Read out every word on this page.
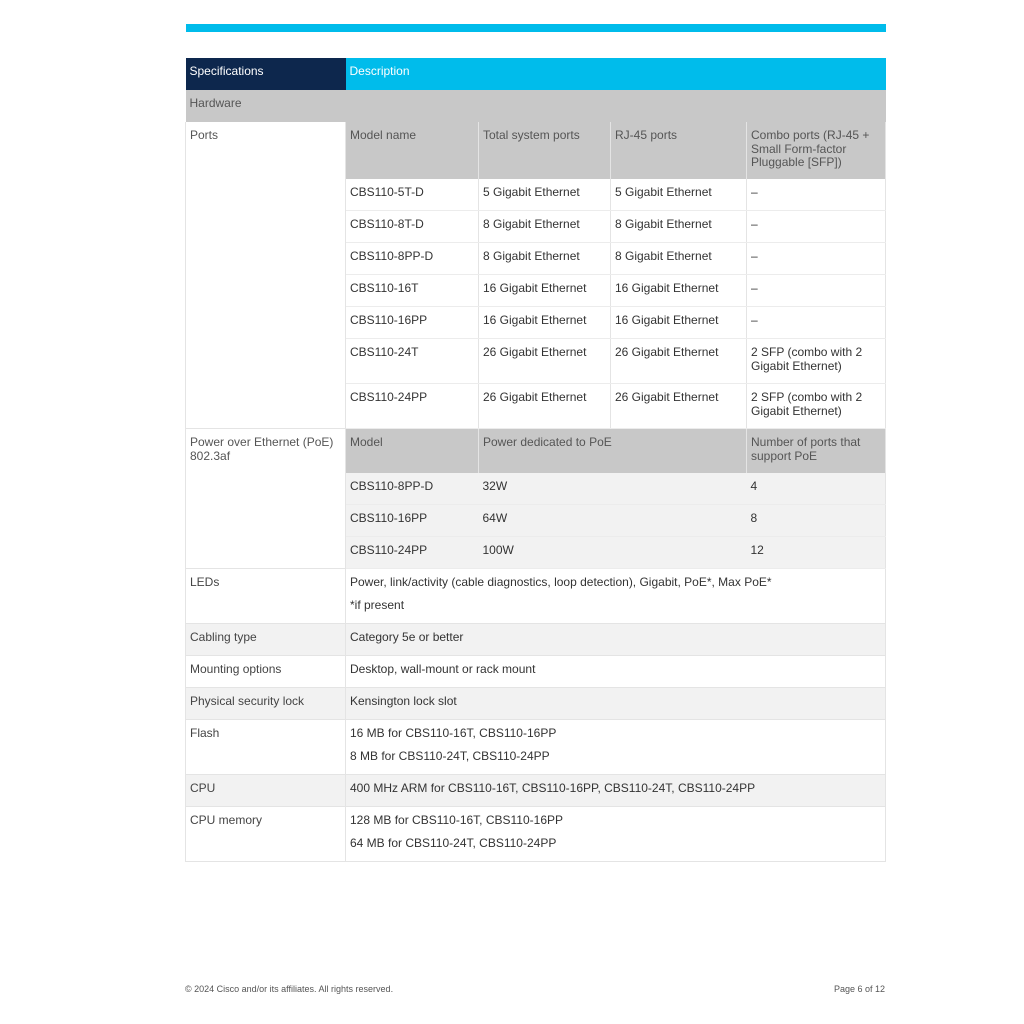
Specifications	Description			
Hardware				
Ports	Model name	Total system ports	RJ-45 ports	Combo ports (RJ-45 + Small Form-factor Pluggable [SFP])
	CBS110-5T-D	5 Gigabit Ethernet	5 Gigabit Ethernet	–
	CBS110-8T-D	8 Gigabit Ethernet	8 Gigabit Ethernet	–
	CBS110-8PP-D	8 Gigabit Ethernet	8 Gigabit Ethernet	–
	CBS110-16T	16 Gigabit Ethernet	16 Gigabit Ethernet	–
	CBS110-16PP	16 Gigabit Ethernet	16 Gigabit Ethernet	–
	CBS110-24T	26 Gigabit Ethernet	26 Gigabit Ethernet	2 SFP (combo with 2 Gigabit Ethernet)
	CBS110-24PP	26 Gigabit Ethernet	26 Gigabit Ethernet	2 SFP (combo with 2 Gigabit Ethernet)
Power over Ethernet (PoE) 802.3af	Model	Power dedicated to PoE		Number of ports that support PoE
	CBS110-8PP-D	32W		4
	CBS110-16PP	64W		8
	CBS110-24PP	100W		12
LEDs	Power, link/activity (cable diagnostics, loop detection), Gigabit, PoE*, Max PoE*
*if present			

Cabling type	Category 5e or better			
Mounting options	Desktop, wall-mount or rack mount			
Physical security lock	Kensington lock slot			
Flash	16 MB for CBS110-16T, CBS110-16PP
8 MB for CBS110-24T, CBS110-24PP			

CPU	400 MHz ARM for CBS110-16T, CBS110-16PP, CBS110-24T, CBS110-24PP			
CPU memory	128 MB for CBS110-16T, CBS110-16PP
64 MB for CBS110-24T, CBS110-24PP			
© 2024 Cisco and/or its affiliates. All rights reserved.	Page 6 of 12
